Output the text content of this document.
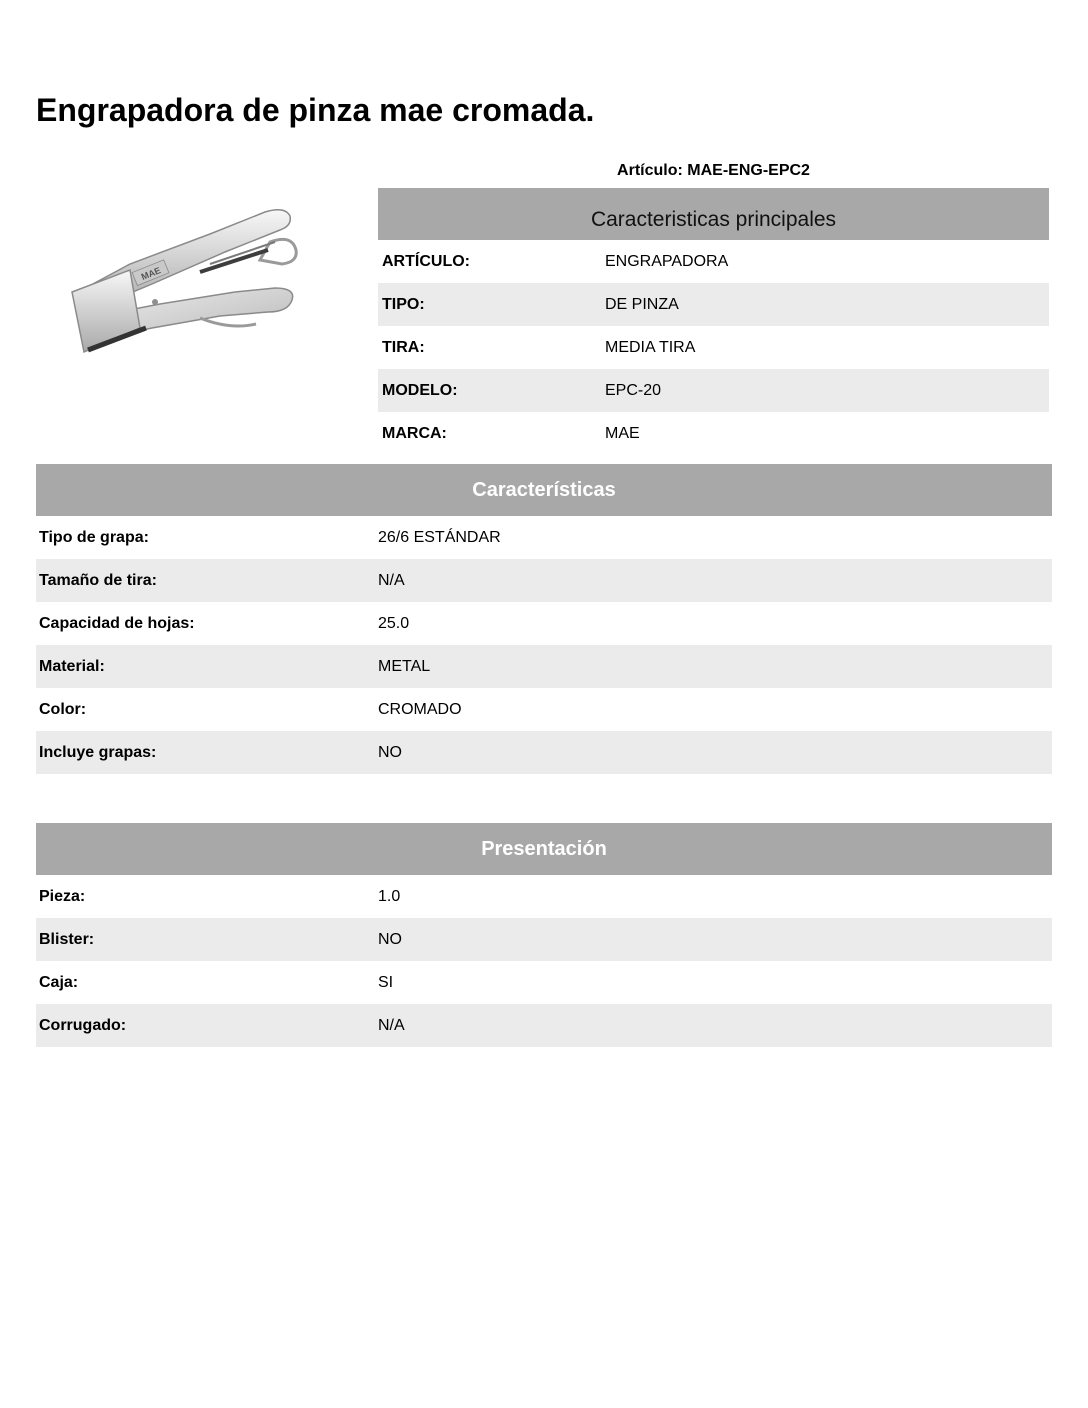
Engrapadora de pinza mae cromada.
MAE
Artículo: MAE-ENG-EPC2
Caracteristicas principales
ARTÍCULO:	ENGRAPADORA
TIPO:	DE PINZA
TIRA:	MEDIA TIRA
MODELO:	EPC-20
MARCA:	MAE
Características
Tipo de grapa:	26/6 ESTÁNDAR
Tamaño de tira:	N/A
Capacidad de hojas:	25.0
Material:	METAL
Color:	CROMADO
Incluye grapas:	NO
Presentación
Pieza:	1.0
Blister:	NO
Caja:	SI
Corrugado:	N/A
